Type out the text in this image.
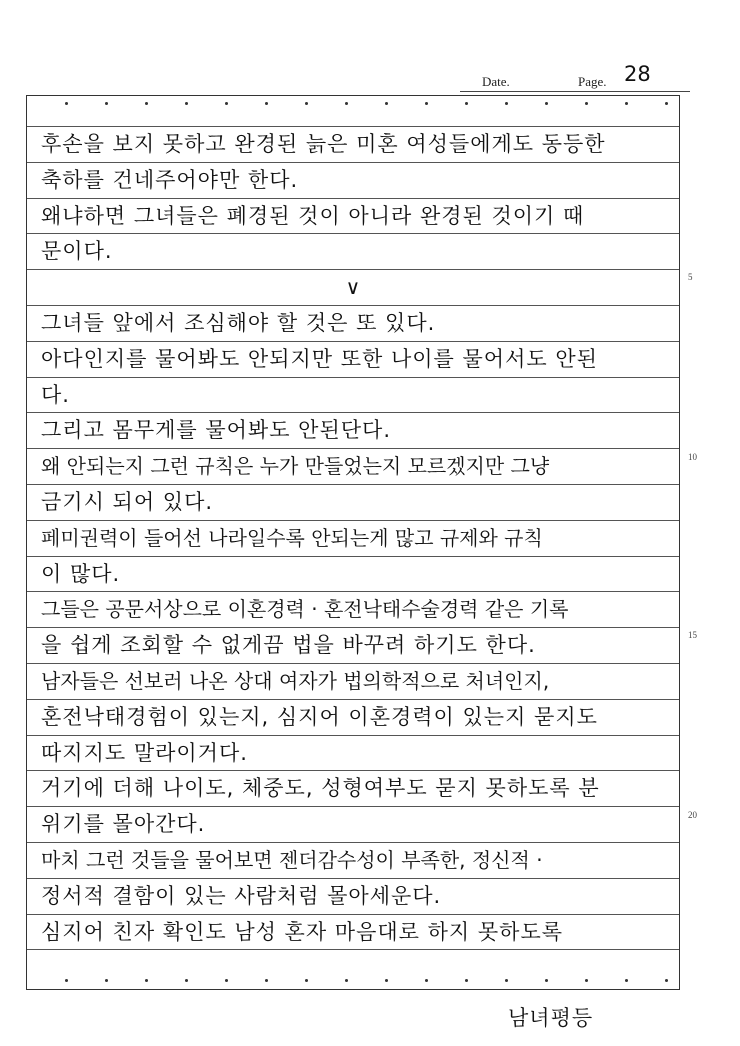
Date.	Page. 28
후손을 보지 못하고 완경된 늙은 미혼 여성들에게도 동등한
축하를 건네주어야만 한다.
왜냐하면 그녀들은 폐경된 것이 아니라 완경된 것이기 때
문이다.
∨
그녀들 앞에서 조심해야 할 것은 또 있다.
아다인지를 물어봐도 안되지만 또한 나이를 물어서도 안된
다.
그리고 몸무게를 물어봐도 안된단다.
왜 안되는지 그런 규칙은 누가 만들었는지 모르겠지만 그냥
금기시 되어 있다.
페미권력이 들어선 나라일수록 안되는게 많고 규제와 규칙
이 많다.
그들은 공문서상으로 이혼경력 · 혼전낙태수술경력 같은 기록
을 쉽게 조회할 수 없게끔 법을 바꾸려 하기도 한다.
남자들은 선보러 나온 상대 여자가 법의학적으로 처녀인지,
혼전낙태경험이 있는지, 심지어 이혼경력이 있는지 묻지도
따지지도 말라이거다.
거기에 더해 나이도, 체중도, 성형여부도 묻지 못하도록 분
위기를 몰아간다.
마치 그런 것들을 물어보면 젠더감수성이 부족한, 정신적 ·
정서적 결함이 있는 사람처럼 몰아세운다.
심지어 친자 확인도 남성 혼자 마음대로 하지 못하도록
5
10
15
20
남녀평등
